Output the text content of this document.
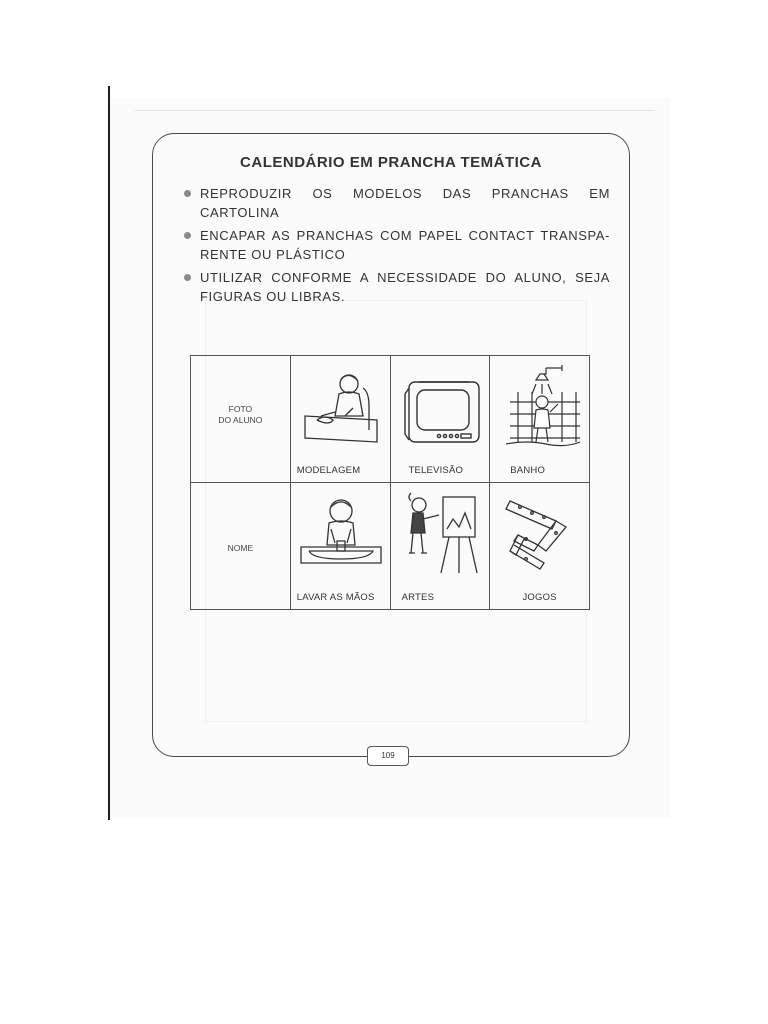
CALENDÁRIO EM PRANCHA TEMÁTICA
REPRODUZIR OS MODELOS DAS PRANCHAS EM CARTOLINA
ENCAPAR AS PRANCHAS COM PAPEL CONTACT TRANSPA-RENTE OU PLÁSTICO
UTILIZAR CONFORME A NECESSIDADE DO ALUNO, SEJA FIGURAS OU LIBRAS.
FOTO
DO ALUNO	MODELAGEM	TELEVISÃO	BANHO

NOME	LAVAR AS MÃOS	ARTES	JOGOS
109
